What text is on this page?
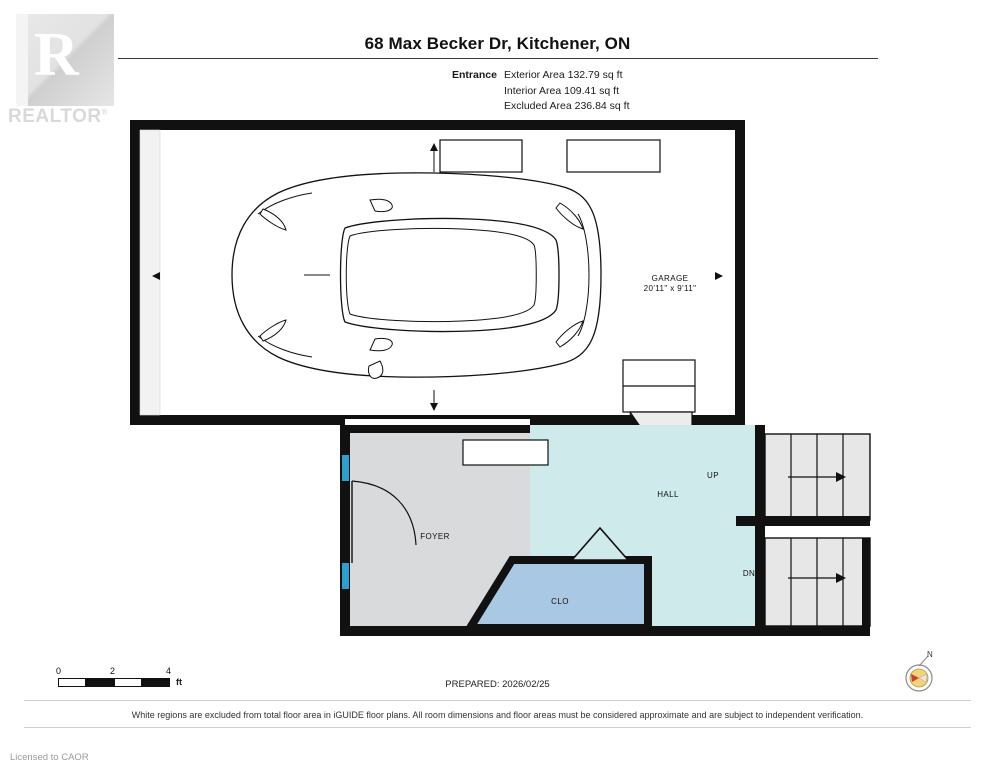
R
REALTOR®
68 Max Becker Dr, Kitchener, ON
Entrance Exterior Area 132.79 sq ft
Interior Area 109.41 sq ft
Excluded Area 236.84 sq ft
GARAGE
20'11" x 9'11"
FOYER
HALL
CLO
UP
DN
0	2	4
ft	PREPARED: 2026/02/25
N
White regions are excluded from total floor area in iGUIDE floor plans. All room dimensions and floor areas must be considered approximate and are subject to independent verification.
Licensed to CAOR
